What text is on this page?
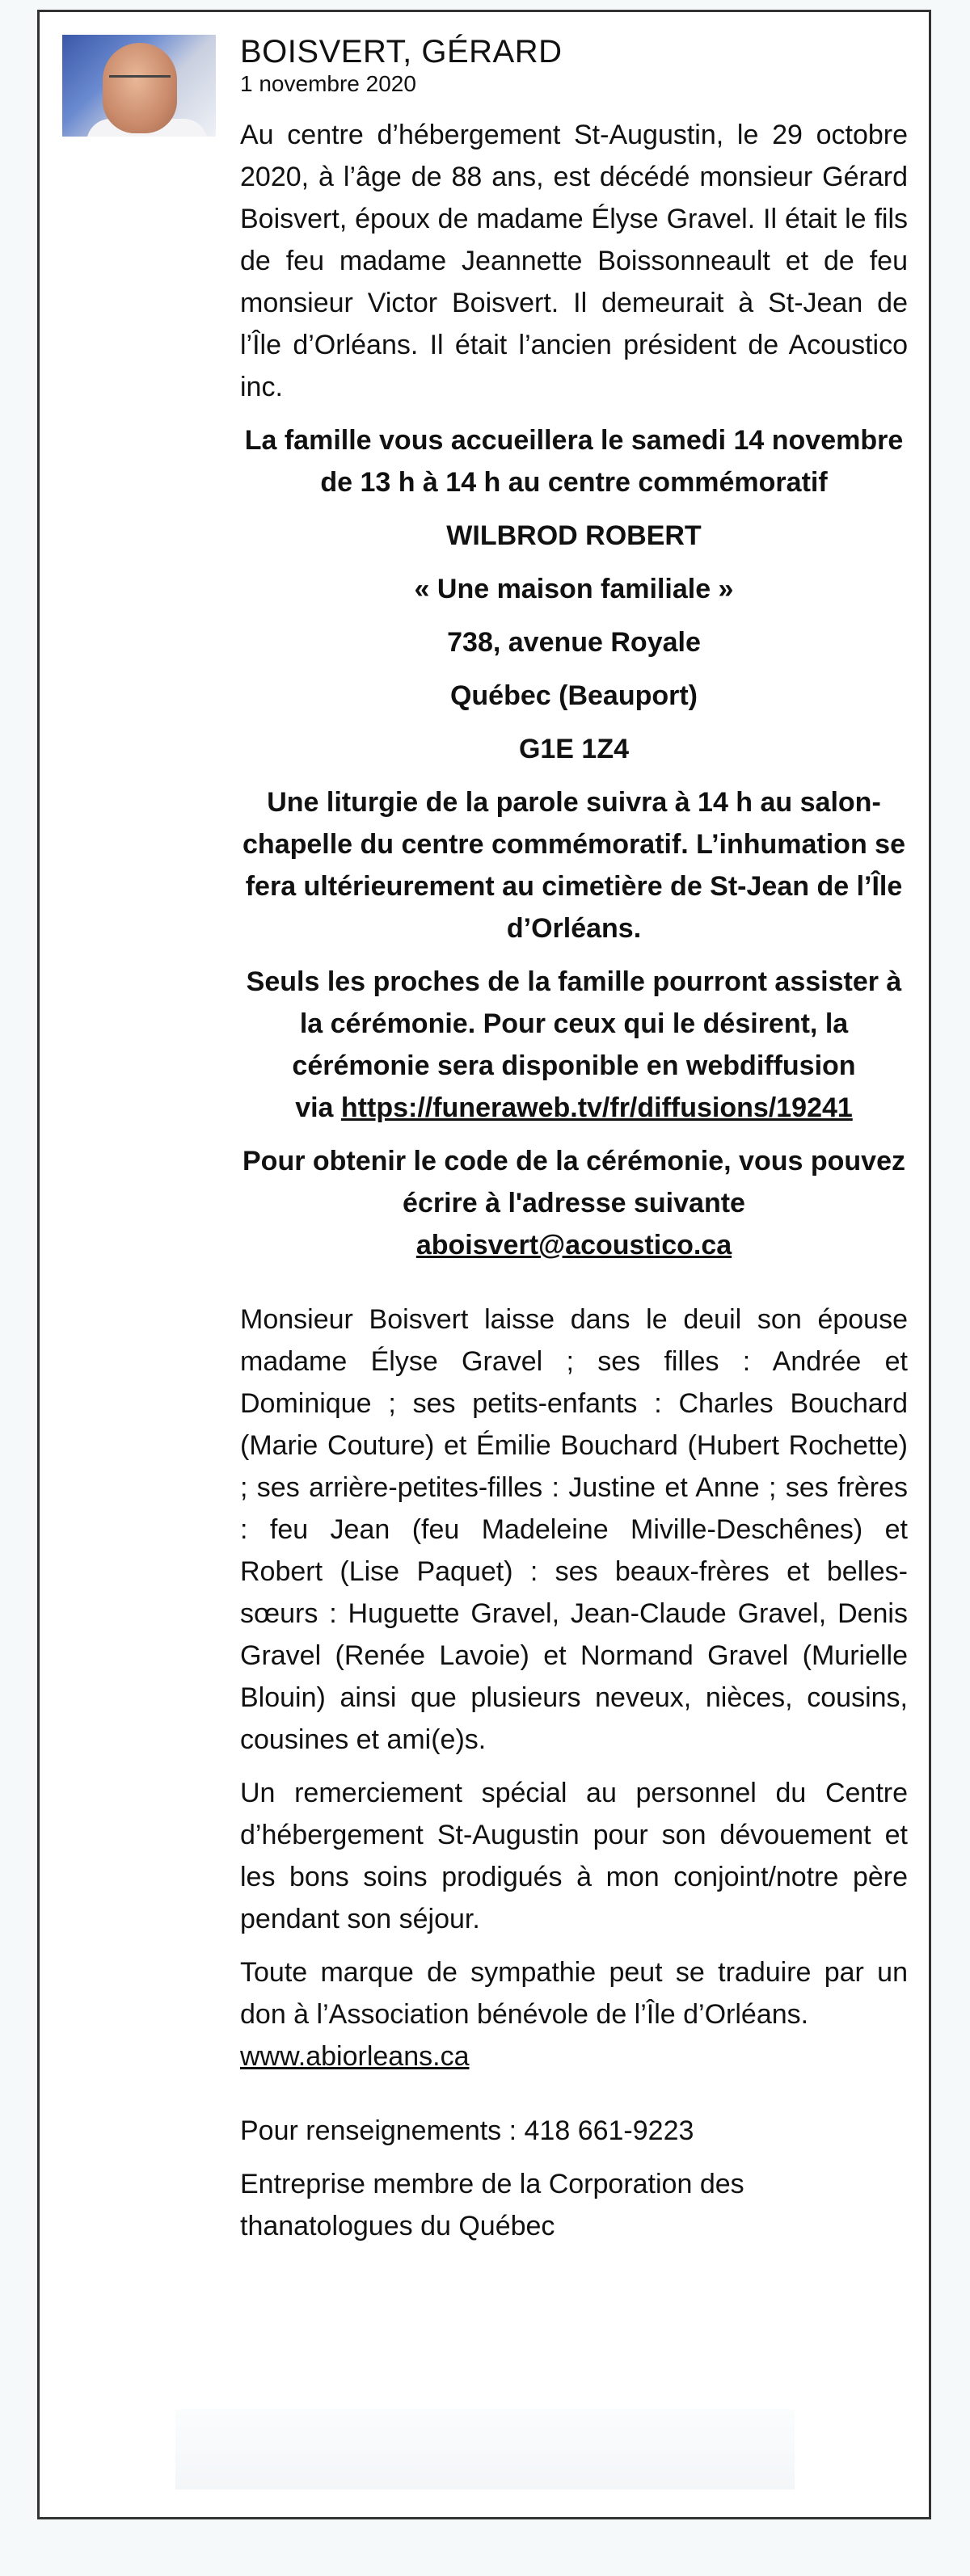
BOISVERT, GÉRARD
1 novembre 2020

Au centre d’hébergement St-Augustin, le 29 octobre 2020, à l’âge de 88 ans, est décédé monsieur Gérard Boisvert, époux de madame Élyse Gravel. Il était le fils de feu madame Jeannette Boissonneault et de feu monsieur Victor Boisvert. Il demeurait à St-Jean de l’Île d’Orléans. Il était l’ancien président de Acoustico inc.

La famille vous accueillera le samedi 14 novembre de 13 h à 14 h au centre commémoratif

WILBROD ROBERT

« Une maison familiale »

738, avenue Royale

Québec (Beauport)

G1E 1Z4

Une liturgie de la parole suivra à 14 h au salon-chapelle du centre commémoratif. L’inhumation se fera ultérieurement au cimetière de St-Jean de l’Île d’Orléans.

Seuls les proches de la famille pourront assister à la cérémonie. Pour ceux qui le désirent, la cérémonie sera disponible en webdiffusion
via https://funeraweb.tv/fr/diffusions/19241

Pour obtenir le code de la cérémonie, vous pouvez écrire à l'adresse suivante
aboisvert@acoustico.ca

Monsieur Boisvert laisse dans le deuil son épouse madame Élyse Gravel ; ses filles : Andrée et Dominique ; ses petits-enfants : Charles Bouchard (Marie Couture) et Émilie Bouchard (Hubert Rochette) ; ses arrière-petites-filles : Justine et Anne ; ses frères : feu Jean (feu Madeleine Miville-Deschênes) et Robert (Lise Paquet) : ses beaux-frères et belles-sœurs : Huguette Gravel, Jean-Claude Gravel, Denis Gravel (Renée Lavoie) et Normand Gravel (Murielle Blouin) ainsi que plusieurs neveux, nièces, cousins, cousines et ami(e)s.

Un remerciement spécial au personnel du Centre d’hébergement St-Augustin pour son dévouement et les bons soins prodigués à mon conjoint/notre père pendant son séjour.

Toute marque de sympathie peut se traduire par un don à l’Association bénévole de l’Île d’Orléans.
www.abiorleans.ca

Pour renseignements : 418 661-9223

Entreprise membre de la Corporation des thanatologues du Québec
